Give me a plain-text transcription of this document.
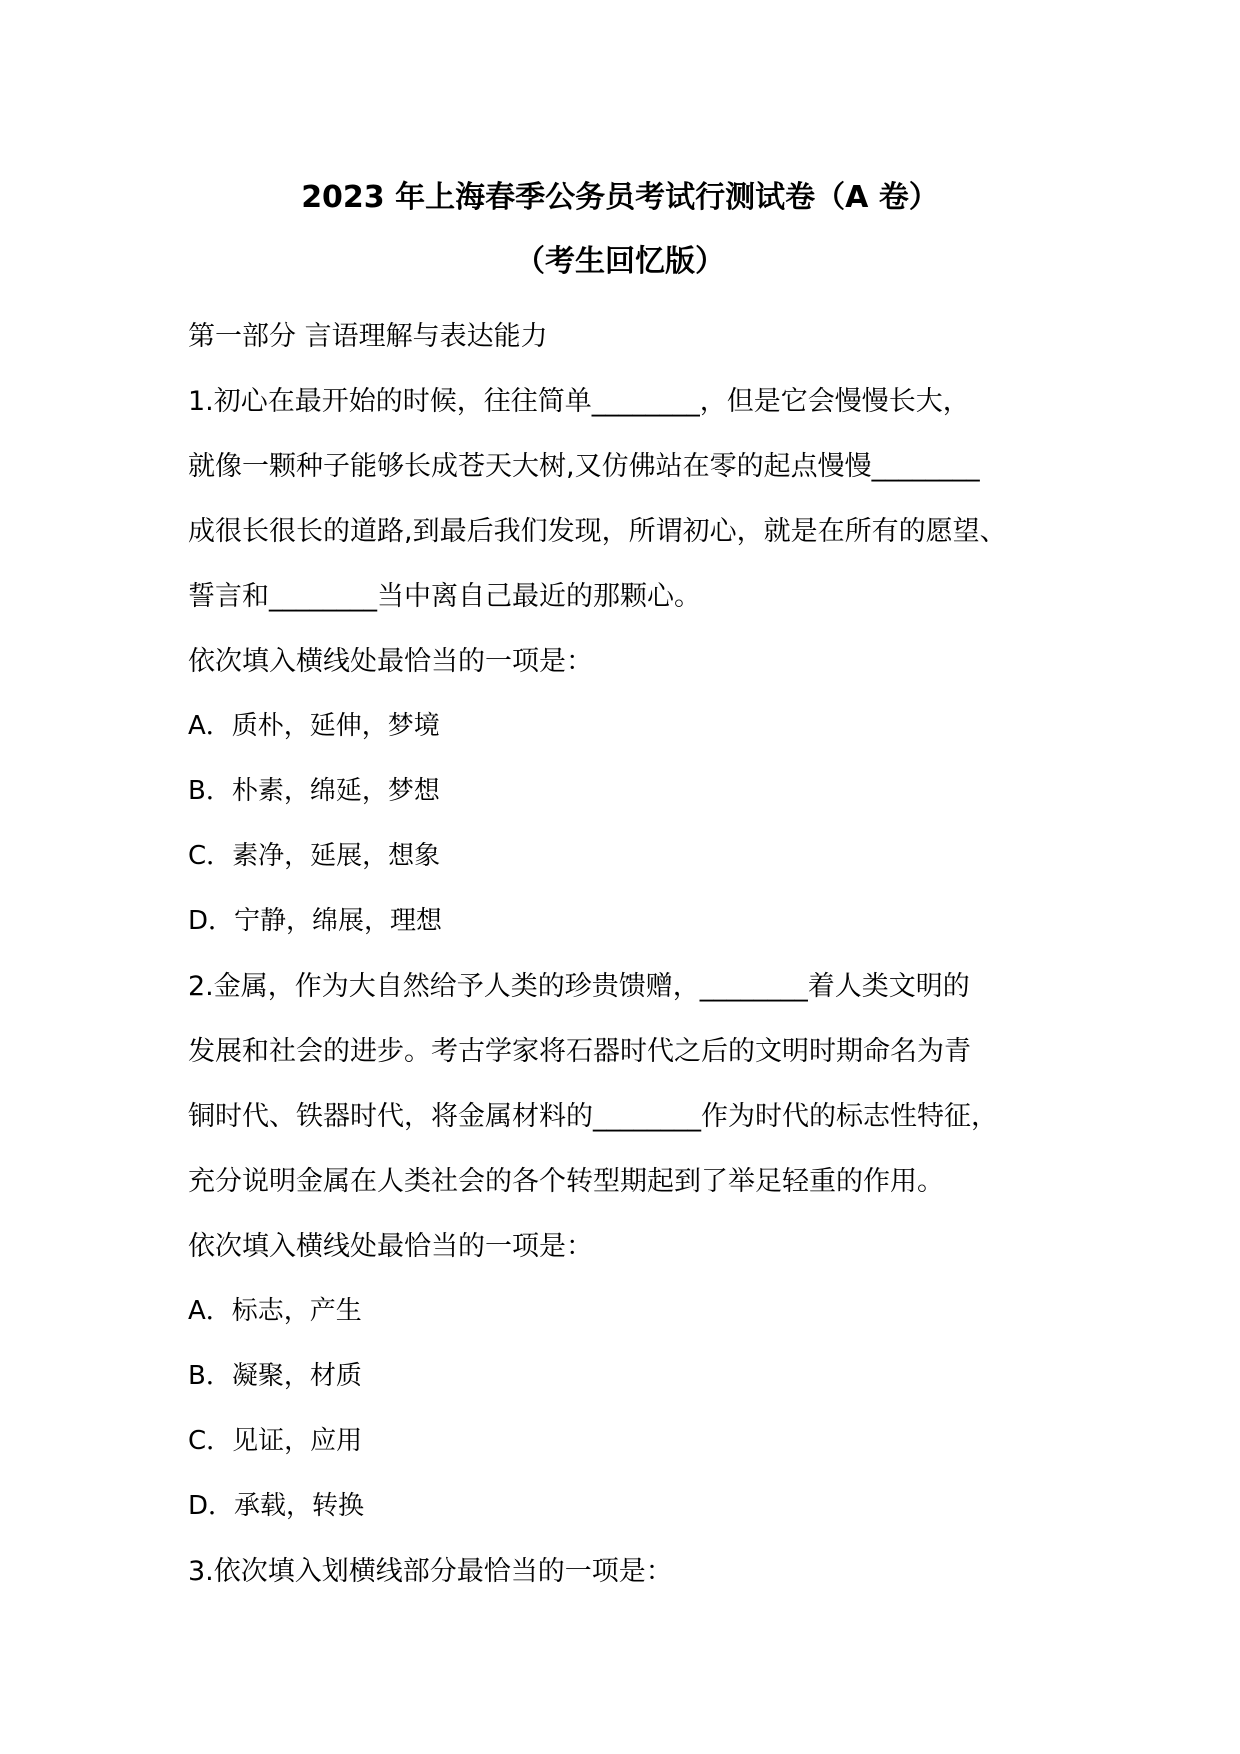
2023 年上海春季公务员考试行测试卷（A 卷）
（考生回忆版）

第一部分 言语理解与表达能力

1.初心在最开始的时候，往往简单________，但是它会慢慢长大，

就像一颗种子能够长成苍天大树,又仿佛站在零的起点慢慢________

成很长很长的道路,到最后我们发现，所谓初心，就是在所有的愿望、

誓言和________当中离自己最近的那颗心。

依次填入横线处最恰当的一项是：

A．质朴，延伸，梦境

B．朴素，绵延，梦想

C．素净，延展，想象

D．宁静，绵展，理想

2.金属，作为大自然给予人类的珍贵馈赠，________着人类文明的

发展和社会的进步。考古学家将石器时代之后的文明时期命名为青

铜时代、铁器时代，将金属材料的________作为时代的标志性特征，

充分说明金属在人类社会的各个转型期起到了举足轻重的作用。

依次填入横线处最恰当的一项是：

A．标志，产生

B．凝聚，材质

C．见证，应用

D．承载，转换

3.依次填入划横线部分最恰当的一项是：
